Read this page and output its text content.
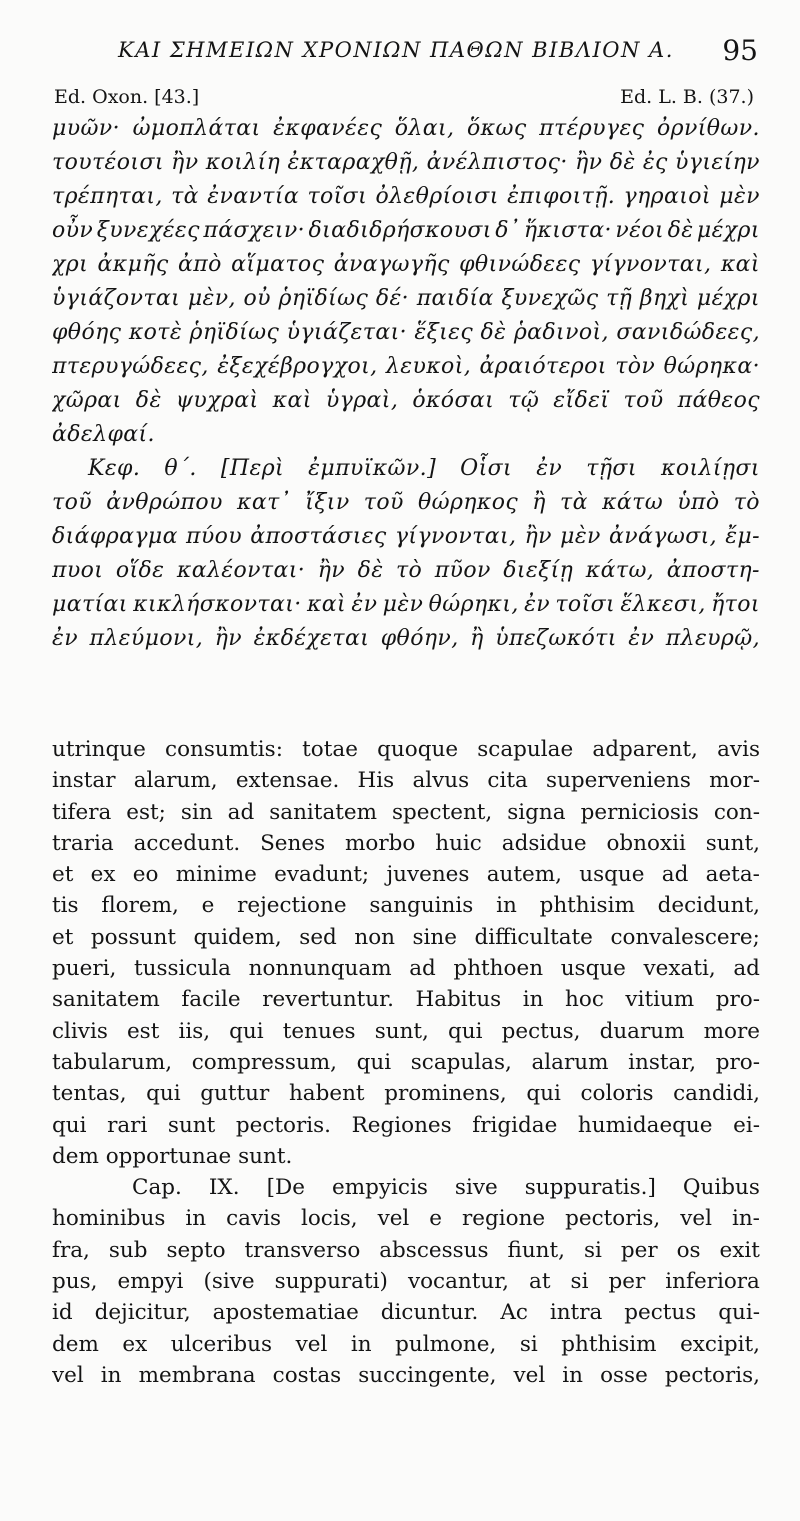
ΚΑΙ ΣΗΜΕΙΩΝ ΧΡΟΝΙΩΝ ΠΑΘΩΝ ΒΙΒΛΙΟΝ Α. 95
Ed. Oxon. [43.]	Ed. L. B. (37.)
μυῶν· ὠμοπλάται ἐκφανέες ὅλαι, ὅκως πτέρυγες ὀρνίθων.
τουτέοισι ἢν κοιλίη ἐκταραχθῇ, ἀνέλπιστος· ἢν δὲ ἐς ὑγιείην
τρέπηται, τὰ ἐναντία τοῖσι ὀλεθρίοισι ἐπιφοιτῇ. γηραιοὶ μὲν
οὖν ξυνεχέες πάσχειν· διαδιδρήσκουσι δ᾽ ἥκιστα· νέοι δὲ μέχρι
χρι ἀκμῆς ἀπὸ αἵματος ἀναγωγῆς φθινώδεες γίγνονται, καὶ
ὑγιάζονται μὲν, οὐ ῥηϊδίως δέ· παιδία ξυνεχῶς τῇ βηχὶ μέχρι
φθόης κοτὲ ῥηϊδίως ὑγιάζεται· ἕξιες δὲ ῥαδινοὶ, σανιδώδεες,
πτερυγώδεες, ἐξεχέβρογχοι, λευκοὶ, ἀραιότεροι τὸν θώρηκα·
χῶραι δὲ ψυχραὶ καὶ ὑγραὶ, ὁκόσαι τῷ εἴδεϊ τοῦ πάθεος
ἀδελφαί.
Κεφ. θ΄. [Περὶ ἐμπυϊκῶν.] Οἷσι ἐν τῇσι κοιλίῃσι
τοῦ ἀνθρώπου κατ᾽ ἴξιν τοῦ θώρηκος ἢ τὰ κάτω ὑπὸ τὸ
διάφραγμα πύου ἀποστάσιες γίγνονται, ἢν μὲν ἀνάγωσι, ἔμ-
πυοι οἵδε καλέονται· ἢν δὲ τὸ πῦον διεξίῃ κάτω, ἀποστη-
ματίαι κικλήσκονται· καὶ ἐν μὲν θώρηκι, ἐν τοῖσι ἕλκεσι, ἤτοι
ἐν πλεύμονι, ἢν ἐκδέχεται φθόην, ἢ ὑπεζωκότι ἐν πλευρῷ,
utrinque consumtis: totae quoque scapulae adparent, avis
instar alarum, extensae. His alvus cita superveniens mor-
tifera est; sin ad sanitatem spectent, signa perniciosis con-
traria accedunt. Senes morbo huic adsidue obnoxii sunt,
et ex eo minime evadunt; juvenes autem, usque ad aeta-
tis florem, e rejectione sanguinis in phthisim decidunt,
et possunt quidem, sed non sine difficultate convalescere;
pueri, tussicula nonnunquam ad phthoen usque vexati, ad
sanitatem facile revertuntur. Habitus in hoc vitium pro-
clivis est iis, qui tenues sunt, qui pectus, duarum more
tabularum, compressum, qui scapulas, alarum instar, pro-
tentas, qui guttur habent prominens, qui coloris candidi,
qui rari sunt pectoris. Regiones frigidae humidaeque ei-
dem opportunae sunt.
Cap. IX. [De empyicis sive suppuratis.] Quibus
hominibus in cavis locis, vel e regione pectoris, vel in-
fra, sub septo transverso abscessus fiunt, si per os exit
pus, empyi (sive suppurati) vocantur, at si per inferiora
id dejicitur, apostematiae dicuntur. Ac intra pectus qui-
dem ex ulceribus vel in pulmone, si phthisim excipit,
vel in membrana costas succingente, vel in osse pectoris,
